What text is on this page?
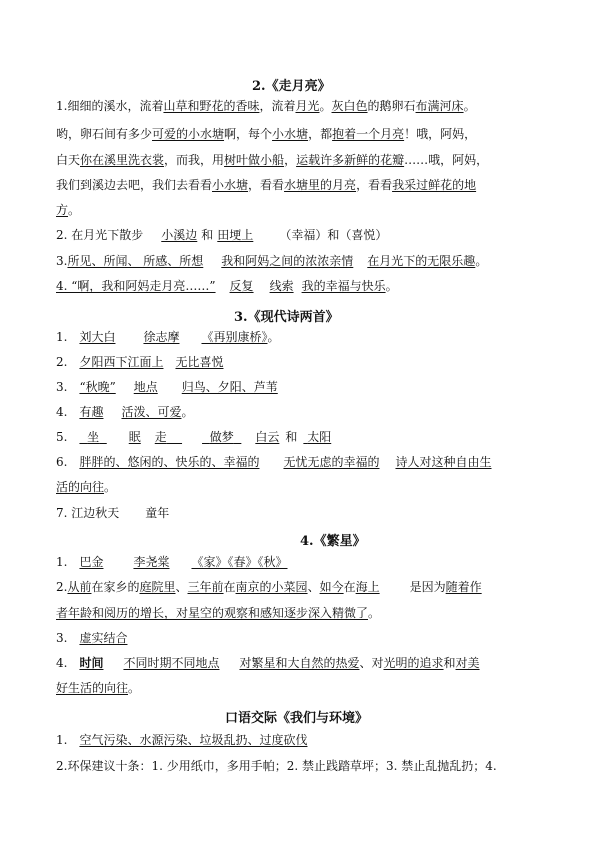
2.《走月亮》
1.细细的溪水，流着山草和野花的香味，流着月光。灰白色的鹅卵石布满河床。
哟，卵石间有多少可爱的小水塘啊，每个小水塘，都抱着一个月亮！哦，阿妈，
白天你在溪里洗衣裳，而我，用树叶做小船，运载许多新鲜的花瓣……哦，阿妈，
我们到溪边去吧，我们去看看小水塘，看看水塘里的月亮，看看我采过鲜花的地
方。
2. 在月光下散步 小溪边 和 田埂上 （幸福）和（喜悦）
3.所见、所闻、 所感、所想 我和阿妈之间的浓浓亲情 在月光下的无限乐趣。
4. “啊，我和阿妈走月亮……” 反复 线索 我的幸福与快乐。
3.《现代诗两首》
1. 刘大白 徐志摩 《再别康桥》。
2. 夕阳西下江面上 无比喜悦
3. “秋晚” 地点 归鸟、夕阳、芦苇
4. 有趣 活泼、可爱。
5. 坐 眠 走	做梦 白云 和 太阳
6. 胖胖的、悠闲的、快乐的、幸福的 无忧无虑的幸福的 诗人对这种自由生
活的向往。
7. 江边秋天 童年
4.《繁星》
1. 巴金	李尧棠 《家》《春》《秋》
2.从前在家乡的庭院里、三年前在南京的小菜园、如今在海上	是因为随着作
者年龄和阅历的增长，对星空的观察和感知逐步深入精微了。
3. 虚实结合
4. 时间 不同时期不同地点 对繁星和大自然的热爱、对光明的追求和对美
好生活的向往。
口语交际《我们与环境》
1. 空气污染、水源污染、垃圾乱扔、过度砍伐
2.环保建议十条：1. 少用纸巾，多用手帕；2. 禁止践踏草坪；3. 禁止乱抛乱扔；4.
